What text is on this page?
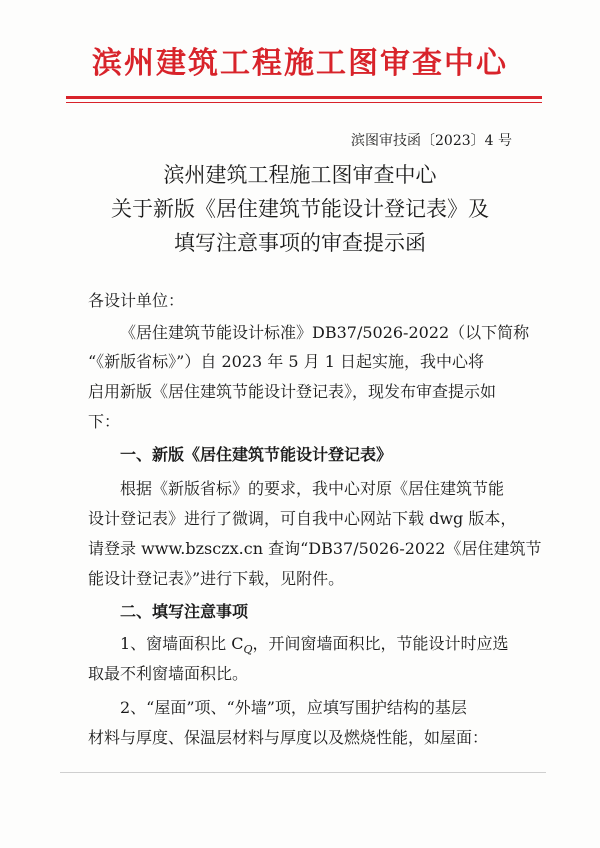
滨州建筑工程施工图审查中心
滨图审技函〔2023〕4 号
滨州建筑工程施工图审查中心
关于新版《居住建筑节能设计登记表》及
填写注意事项的审查提示函
各设计单位：
《居住建筑节能设计标准》DB37/5026-2022（以下简称
“《新版省标》”）自 2023 年 5 月 1 日起实施，我中心将
启用新版《居住建筑节能设计登记表》，现发布审查提示如
下：
一、新版《居住建筑节能设计登记表》
根据《新版省标》的要求，我中心对原《居住建筑节能
设计登记表》进行了微调，可自我中心网站下载 dwg 版本，
请登录 www.bzsczx.cn 查询“DB37/5026-2022《居住建筑节
能设计登记表》”进行下载，见附件。
二、填写注意事项
1、窗墙面积比 $C_Q$，开间窗墙面积比，节能设计时应选
取最不利窗墙面积比。
2、“屋面”项、“外墙”项，应填写围护结构的基层
材料与厚度、保温层材料与厚度以及燃烧性能，如屋面：
